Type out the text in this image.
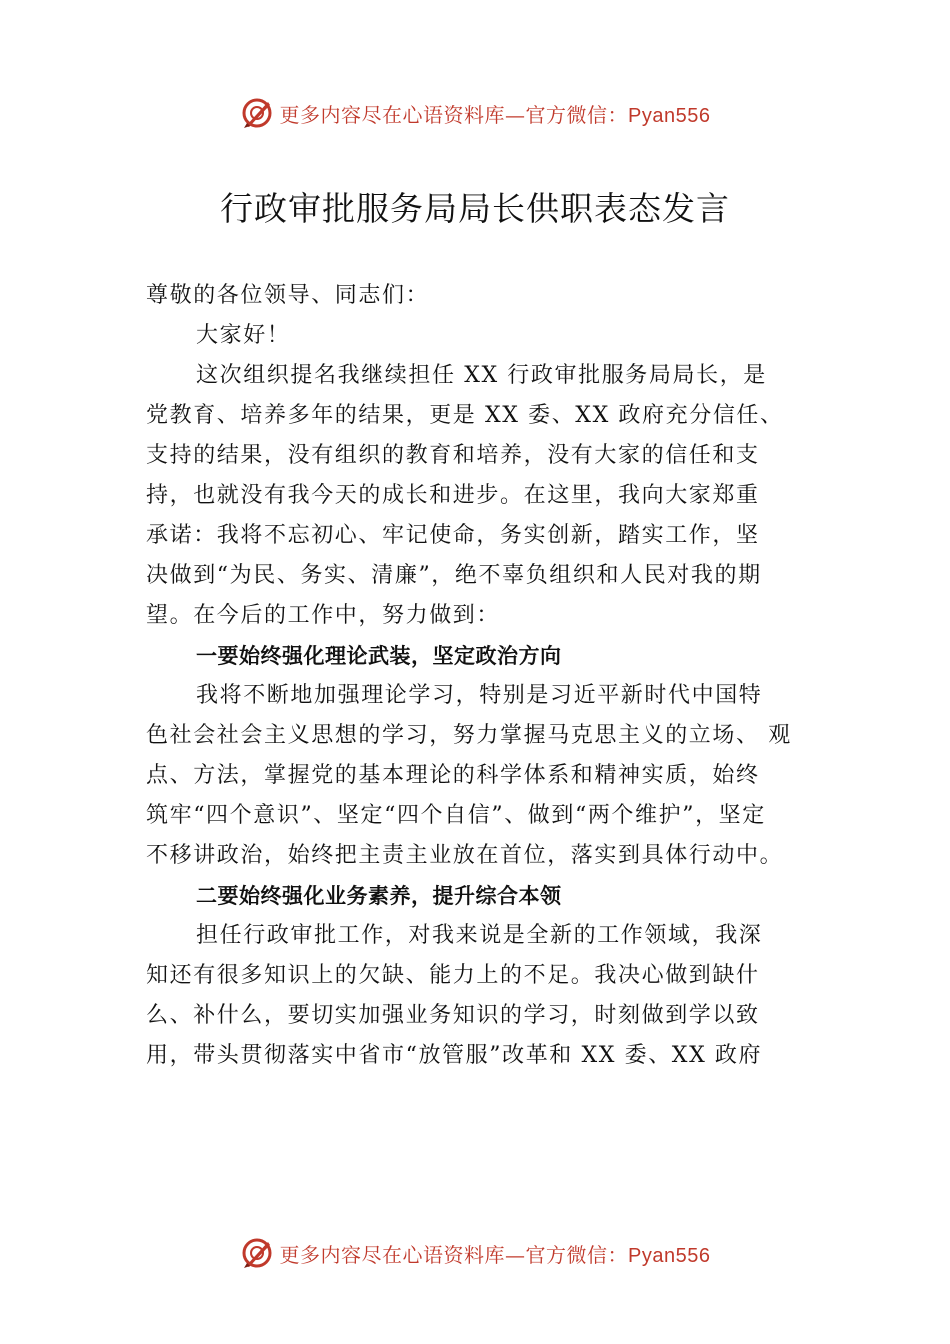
更多内容尽在心语资料库—官方微信：Pyan556
行政审批服务局局长供职表态发言
尊敬的各位领导、同志们：
大家好！
这次组织提名我继续担任 XX 行政审批服务局局长，是
党教育、培养多年的结果，更是 XX 委、XX 政府充分信任、
支持的结果，没有组织的教育和培养，没有大家的信任和支
持，也就没有我今天的成长和进步。在这里，我向大家郑重
承诺：我将不忘初心、牢记使命，务实创新，踏实工作，坚
决做到“为民、务实、清廉”，绝不辜负组织和人民对我的期
望。在今后的工作中，努力做到：
一要始终强化理论武装，坚定政治方向
我将不断地加强理论学习，特别是习近平新时代中国特
色社会社会主义思想的学习，努力掌握马克思主义的立场、 观
点、方法，掌握党的基本理论的科学体系和精神实质，始终
筑牢“四个意识”、坚定“四个自信”、做到“两个维护”，坚定
不移讲政治，始终把主责主业放在首位，落实到具体行动中。
二要始终强化业务素养，提升综合本领
担任行政审批工作，对我来说是全新的工作领域，我深
知还有很多知识上的欠缺、能力上的不足。我决心做到缺什
么、补什么，要切实加强业务知识的学习，时刻做到学以致
用，带头贯彻落实中省市“放管服”改革和 XX 委、XX 政府
更多内容尽在心语资料库—官方微信：Pyan556
